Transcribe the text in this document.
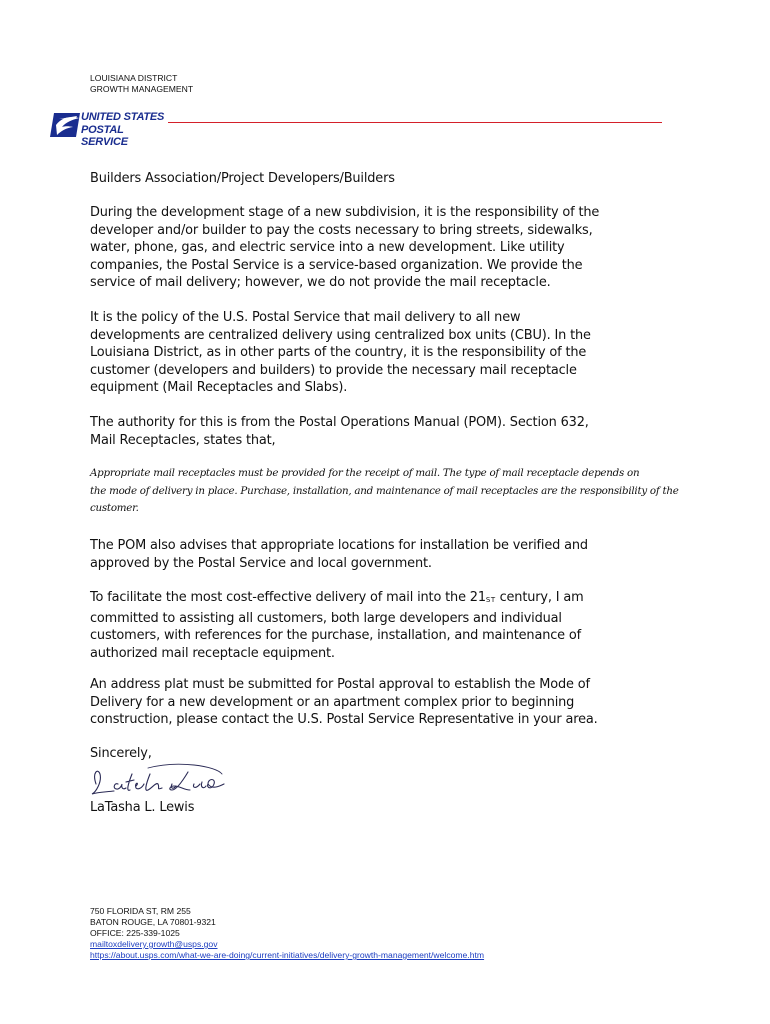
LOUISIANA DISTRICT
GROWTH MANAGEMENT
UNITED STATES
POSTAL SERVICE

Builders Association/Project Developers/Builders

During the development stage of a new subdivision, it is the responsibility of the

developer and/or builder to pay the costs necessary to bring streets, sidewalks,

water, phone, gas, and electric service into a new development. Like utility

companies, the Postal Service is a service-based organization. We provide the

service of mail delivery; however, we do not provide the mail receptacle.

It is the policy of the U.S. Postal Service that mail delivery to all new

developments are centralized delivery using centralized box units (CBU). In the

Louisiana District, as in other parts of the country, it is the responsibility of the

customer (developers and builders) to provide the necessary mail receptacle

equipment (Mail Receptacles and Slabs).

The authority for this is from the Postal Operations Manual (POM). Section 632,

Mail Receptacles, states that,

Appropriate mail receptacles must be provided for the receipt of mail. The type of mail receptacle depends on
the mode of delivery in place. Purchase, installation, and maintenance of mail receptacles are the responsibility of the
customer.

The POM also advises that appropriate locations for installation be verified and

approved by the Postal Service and local government.

To facilitate the most cost-effective delivery of mail into the 21ST century, I am

committed to assisting all customers, both large developers and individual

customers, with references for the purchase, installation, and maintenance of

authorized mail receptacle equipment.

An address plat must be submitted for Postal approval to establish the Mode of

Delivery for a new development or an apartment complex prior to beginning

construction, please contact the U.S. Postal Service Representative in your area.

Sincerely,

LaTasha L. Lewis

750 FLORIDA ST, RM 255
BATON ROUGE, LA 70801-9321
OFFICE: 225-339-1025
mailtoxdelivery.growth@usps.gov
https://about.usps.com/what-we-are-doing/current-initiatives/delivery-growth-management/welcome.htm
